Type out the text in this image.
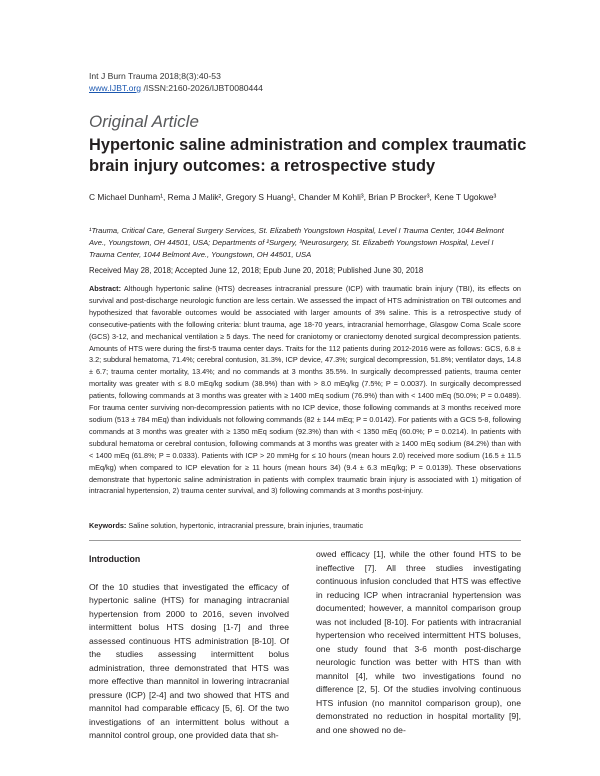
Int J Burn Trauma 2018;8(3):40-53
www.IJBT.org /ISSN:2160-2026/IJBT0080444
Original Article
Hypertonic saline administration and complex traumatic brain injury outcomes: a retrospective study
C Michael Dunham¹, Rema J Malik², Gregory S Huang¹, Chander M Kohli³, Brian P Brocker³, Kene T Ugokwe³
¹Trauma, Critical Care, General Surgery Services, St. Elizabeth Youngstown Hospital, Level I Trauma Center, 1044 Belmont Ave., Youngstown, OH 44501, USA; Departments of ²Surgery, ³Neurosurgery, St. Elizabeth Youngstown Hospital, Level I Trauma Center, 1044 Belmont Ave., Youngstown, OH 44501, USA
Received May 28, 2018; Accepted June 12, 2018; Epub June 20, 2018; Published June 30, 2018
Abstract: Although hypertonic saline (HTS) decreases intracranial pressure (ICP) with traumatic brain injury (TBI), its effects on survival and post-discharge neurologic function are less certain. We assessed the impact of HTS administration on TBI outcomes and hypothesized that favorable outcomes would be associated with larger amounts of 3% saline. This is a retrospective study of consecutive-patients with the following criteria: blunt trauma, age 18-70 years, intracranial hemorrhage, Glasgow Coma Scale score (GCS) 3-12, and mechanical ventilation ≥ 5 days. The need for craniotomy or craniectomy denoted surgical decompression patients. Amounts of HTS were during the first-5 trauma center days. Traits for the 112 patients during 2012-2016 were as follows: GCS, 6.8 ± 3.2; subdural hematoma, 71.4%; cerebral contusion, 31.3%, ICP device, 47.3%; surgical decompression, 51.8%; ventilator days, 14.8 ± 6.7; trauma center mortality, 13.4%; and no commands at 3 months 35.5%. In surgically decompressed patients, trauma center mortality was greater with ≤ 8.0 mEq/kg sodium (38.9%) than with > 8.0 mEq/kg (7.5%; P = 0.0037). In surgically decompressed patients, following commands at 3 months was greater with ≥ 1400 mEq sodium (76.9%) than with < 1400 mEq (50.0%; P = 0.0489). For trauma center surviving non-decompression patients with no ICP device, those following commands at 3 months received more sodium (513 ± 784 mEq) than individuals not following commands (82 ± 144 mEq; P = 0.0142). For patients with a GCS 5-8, following commands at 3 months was greater with ≥ 1350 mEq sodium (92.3%) than with < 1350 mEq (60.0%; P = 0.0214). In patients with subdural hematoma or cerebral contusion, following commands at 3 months was greater with ≥ 1400 mEq sodium (84.2%) than with < 1400 mEq (61.8%; P = 0.0333). Patients with ICP > 20 mmHg for ≤ 10 hours (mean hours 2.0) received more sodium (16.5 ± 11.5 mEq/kg) when compared to ICP elevation for ≥ 11 hours (mean hours 34) (9.4 ± 6.3 mEq/kg; P = 0.0139). These observations demonstrate that hypertonic saline administration in patients with complex traumatic brain injury is associated with 1) mitigation of intracranial hypertension, 2) trauma center survival, and 3) following commands at 3 months post-injury.
Keywords: Saline solution, hypertonic, intracranial pressure, brain injuries, traumatic
Introduction

Of the 10 studies that investigated the efficacy of hypertonic saline (HTS) for managing intracranial hypertension from 2000 to 2016, seven involved intermittent bolus HTS dosing [1-7] and three assessed continuous HTS administration [8-10]. Of the studies assessing intermittent bolus administration, three demonstrated that HTS was more effective than mannitol in lowering intracranial pressure (ICP) [2-4] and two showed that HTS and mannitol had comparable efficacy [5, 6]. Of the two investigations of an intermittent bolus without a mannitol control group, one provided data that sh-

owed efficacy [1], while the other found HTS to be ineffective [7]. All three studies investigating continuous infusion concluded that HTS was effective in reducing ICP when intracranial hypertension was documented; however, a mannitol comparison group was not included [8-10]. For patients with intracranial hypertension who received intermittent HTS boluses, one study found that 3-6 month post-discharge neurologic function was better with HTS than with mannitol [4], while two investigations found no difference [2, 5]. Of the studies involving continuous HTS infusion (no mannitol comparison group), one demonstrated no reduction in hospital mortality [9], and one showed no de-
